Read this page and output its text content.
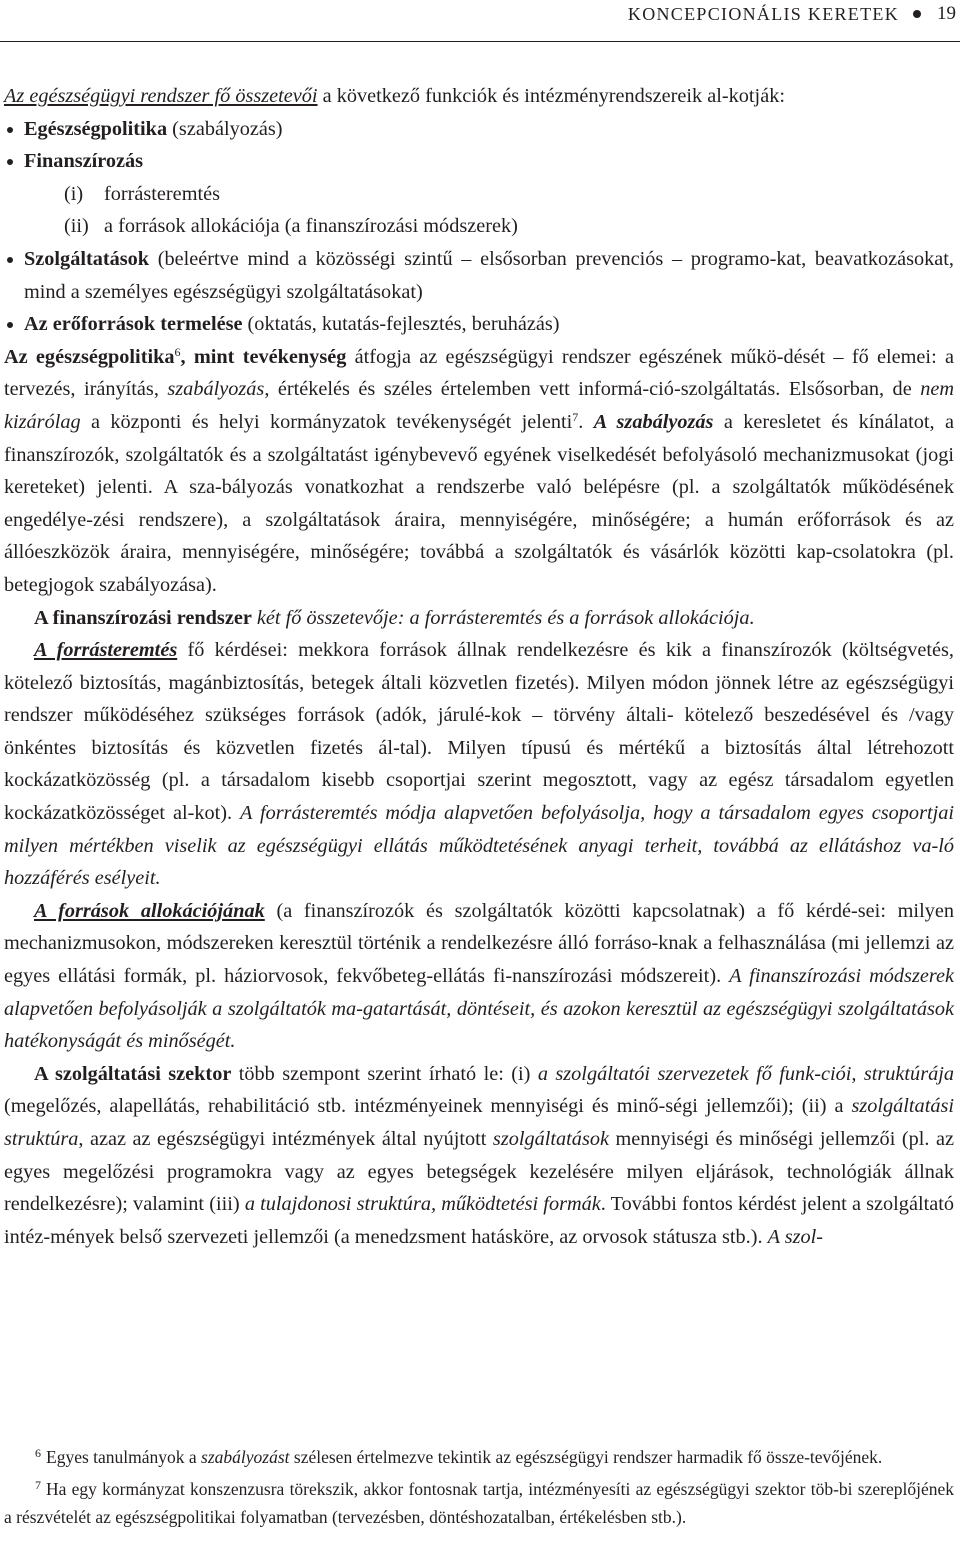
KONCEPCIONÁLIS KERETEK 19

Az egészségügyi rendszer fő összetevői a következő funkciók és intézményrendszereik al-kotják:

Egészségpolitika (szabályozás)
Finanszírozás
(i) forrásteremtés
(ii) a források allokációja (a finanszírozási módszerek)
Szolgáltatások (beleértve mind a közösségi szintű – elsősorban prevenciós – programo-kat, beavatkozásokat, mind a személyes egészségügyi szolgáltatásokat)
Az erőforrások termelése (oktatás, kutatás-fejlesztés, beruházás)

Az egészségpolitika$^6$, mint tevékenység átfogja az egészségügyi rendszer egészének műkö-dését – fő elemei: a tervezés, irányítás, szabályozás, értékelés és széles értelemben vett informá-ció-szolgáltatás. Elsősorban, de nem kizárólag a központi és helyi kormányzatok tevékenységét jelenti$^7$. A szabályozás a keresletet és kínálatot, a finanszírozók, szolgáltatók és a szolgáltatást igénybevevő egyének viselkedését befolyásoló mechanizmusokat (jogi kereteket) jelenti. A sza-bályozás vonatkozhat a rendszerbe való belépésre (pl. a szolgáltatók működésének engedélye-zési rendszere), a szolgáltatások áraira, mennyiségére, minőségére; a humán erőforrások és az állóeszközök áraira, mennyiségére, minőségére; továbbá a szolgáltatók és vásárlók közötti kap-csolatokra (pl. betegjogok szabályozása).

A finanszírozási rendszer két fő összetevője: a forrásteremtés és a források allokációja.

A forrásteremtés fő kérdései: mekkora források állnak rendelkezésre és kik a finanszírozók (költségvetés, kötelező biztosítás, magánbiztosítás, betegek általi közvetlen fizetés). Milyen módon jönnek létre az egészségügyi rendszer működéséhez szükséges források (adók, járulé-kok – törvény általi- kötelező beszedésével és /vagy önkéntes biztosítás és közvetlen fizetés ál-tal). Milyen típusú és mértékű a biztosítás által létrehozott kockázatközösség (pl. a társadalom kisebb csoportjai szerint megosztott, vagy az egész társadalom egyetlen kockázatközösséget al-kot). A forrásteremtés módja alapvetően befolyásolja, hogy a társadalom egyes csoportjai milyen mértékben viselik az egészségügyi ellátás működtetésének anyagi terheit, továbbá az ellátáshoz va-ló hozzáférés esélyeit.

A források allokációjának (a finanszírozók és szolgáltatók közötti kapcsolatnak) a fő kérdé-sei: milyen mechanizmusokon, módszereken keresztül történik a rendelkezésre álló forráso-knak a felhasználása (mi jellemzi az egyes ellátási formák, pl. háziorvosok, fekvőbeteg-ellátás fi-nanszírozási módszereit). A finanszírozási módszerek alapvetően befolyásolják a szolgáltatók ma-gatartását, döntéseit, és azokon keresztül az egészségügyi szolgáltatások hatékonyságát és minőségét.

A szolgáltatási szektor több szempont szerint írható le: (i) a szolgáltatói szervezetek fő funk-ciói, struktúrája (megelőzés, alapellátás, rehabilitáció stb. intézményeinek mennyiségi és minő-ségi jellemzői); (ii) a szolgáltatási struktúra, azaz az egészségügyi intézmények által nyújtott szolgáltatások mennyiségi és minőségi jellemzői (pl. az egyes megelőzési programokra vagy az egyes betegségek kezelésére milyen eljárások, technológiák állnak rendelkezésre); valamint (iii) a tulajdonosi struktúra, működtetési formák. További fontos kérdést jelent a szolgáltató intéz-mények belső szervezeti jellemzői (a menedzsment hatásköre, az orvosok státusza stb.). A szol-

$^6$ Egyes tanulmányok a szabályozást szélesen értelmezve tekintik az egészségügyi rendszer harmadik fő össze-tevőjének.

$^7$ Ha egy kormányzat konszenzusra törekszik, akkor fontosnak tartja, intézményesíti az egészségügyi szektor töb-bi szereplőjének a részvételét az egészségpolitikai folyamatban (tervezésben, döntéshozatalban, értékelésben stb.).
